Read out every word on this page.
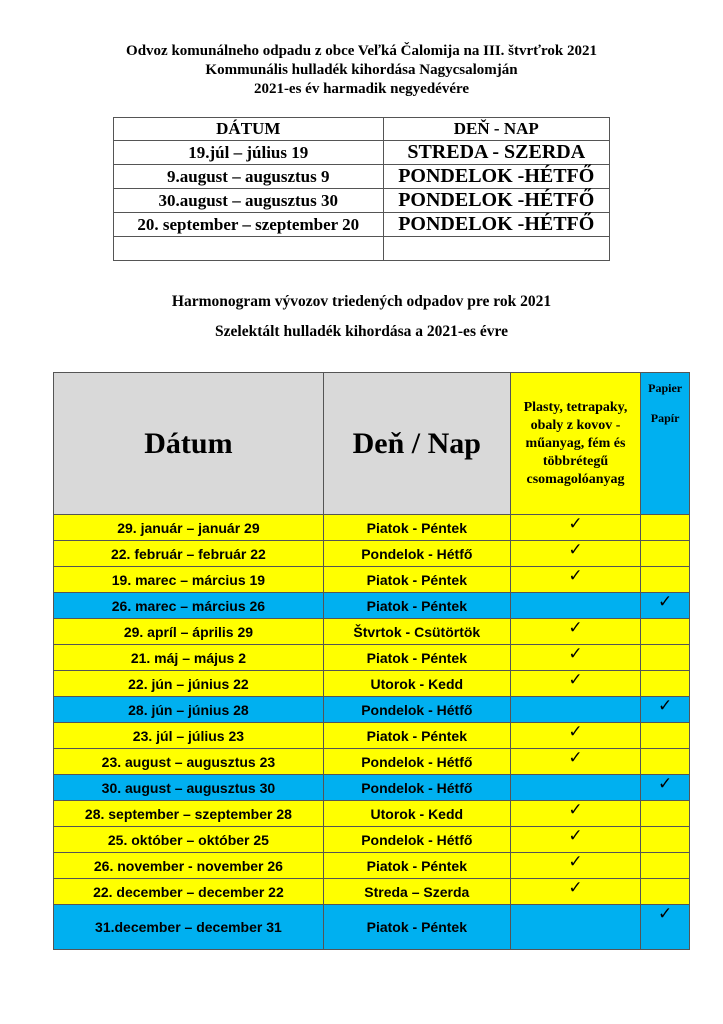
Odvoz komunálneho odpadu z obce Veľká Čalomija na III. štvrťrok 2021
Kommunális hulladék kihordása Nagycsalomján
2021-es év harmadik negyedévére
DÁTUM	DEŇ - NAP
19.júl – július 19	STREDA - SZERDA
9.august – augusztus 9	PONDELOK -HÉTFŐ
30.august – augusztus 30	PONDELOK -HÉTFŐ
20. september – szeptember 20	PONDELOK -HÉTFŐ

Harmonogram vývozov triedených odpadov pre rok 2021
Szelektált hulladék kihordása a 2021-es évre
Dátum	Deň / Nap	Plasty, tetrapaky, obaly z kovov - műanyag, fém és többrétegű csomagolóanyag	Papier
Papír

29. január – január 29	Piatok - Péntek	✓	
22. február – február 22	Pondelok - Hétfő	✓	
19. marec – március 19	Piatok - Péntek	✓	
26. marec – március 26	Piatok - Péntek		✓
29. apríl – április 29	Štvrtok - Csütörtök	✓	
21. máj – május 2	Piatok - Péntek	✓	
22. jún – június 22	Utorok - Kedd	✓	
28. jún – június 28	Pondelok - Hétfő		✓
23. júl – július 23	Piatok - Péntek	✓	
23. august – augusztus 23	Pondelok - Hétfő	✓	
30. august – augusztus 30	Pondelok - Hétfő		✓
28. september – szeptember 28	Utorok - Kedd	✓	
25. október – október 25	Pondelok - Hétfő	✓	
26. november - november 26	Piatok - Péntek	✓	
22. december – december 22	Streda – Szerda	✓	
31.december – december 31	Piatok - Péntek		✓
